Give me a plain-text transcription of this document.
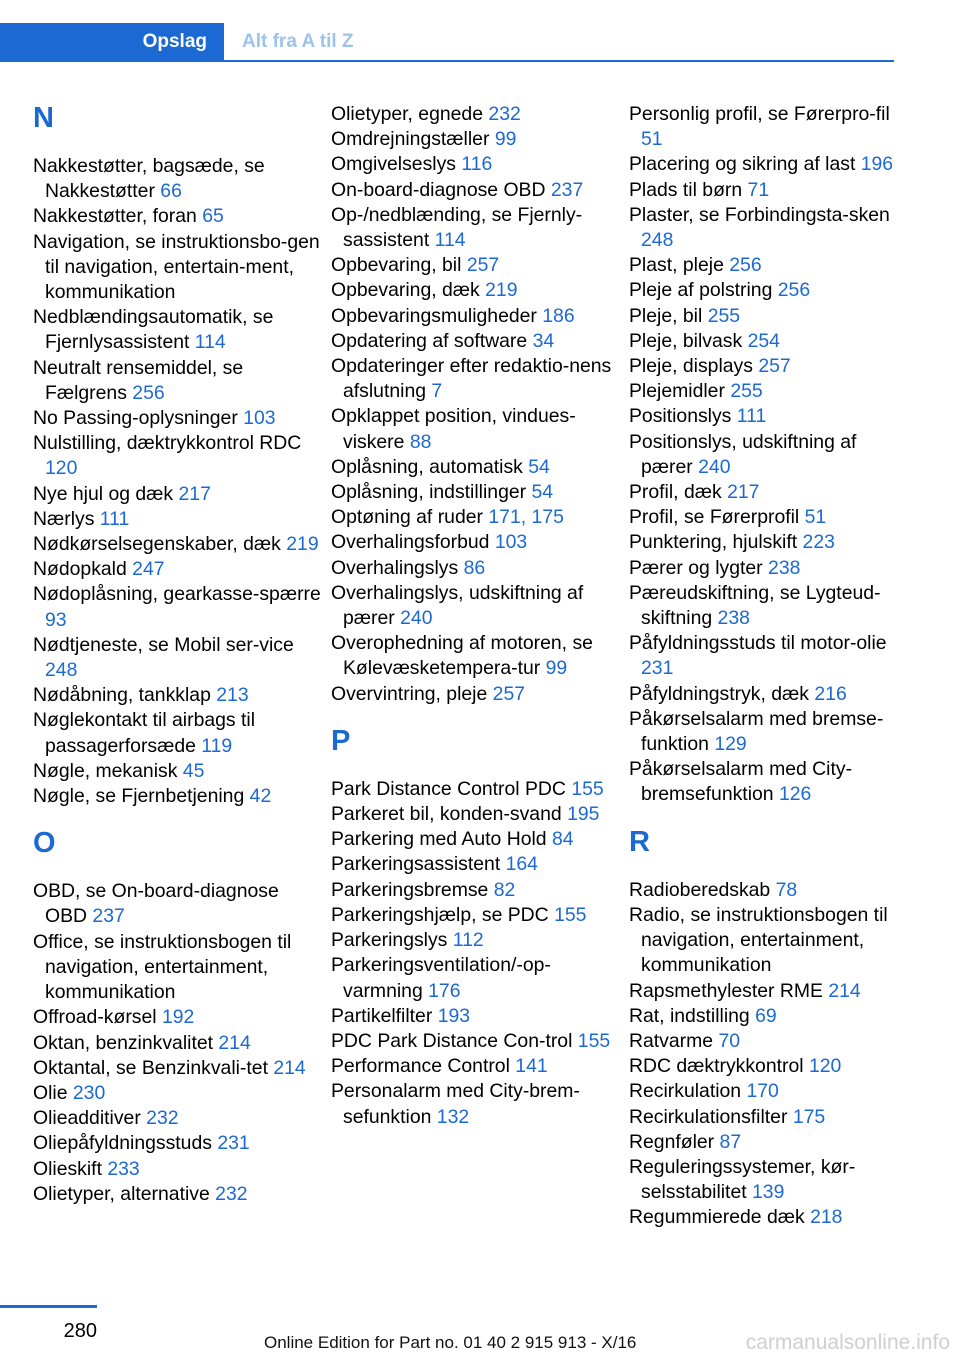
Opslag Alt fra A til Z
N
Nakkestøtter, bagsæde, se Nakkestøtter 66
Nakkestøtter, foran 65
Navigation, se instruktionsbo-gen til navigation, entertain-ment, kommunikation
Nedblændingsautomatik, se Fjernlysassistent 114
Neutralt rensemiddel, se Fælgrens 256
No Passing-oplysninger 103
Nulstilling, dæktrykkontrol RDC 120
Nye hjul og dæk 217
Nærlys 111
Nødkørselsegenskaber, dæk 219
Nødopkald 247
Nødoplåsning, gearkasse-spærre 93
Nødtjeneste, se Mobil ser-vice 248
Nødåbning, tankklap 213
Nøglekontakt til airbags til passagerforsæde 119
Nøgle, mekanisk 45
Nøgle, se Fjernbetjening 42
O
OBD, se On-board-diagnose OBD 237
Office, se instruktionsbogen til navigation, entertainment, kommunikation
Offroad-kørsel 192
Oktan, benzinkvalitet 214
Oktantal, se Benzinkvali-tet 214
Olie 230
Olieadditiver 232
Oliepåfyldningsstuds 231
Olieskift 233
Olietyper, alternative 232
Olietyper, egnede 232
Omdrejningstæller 99
Omgivelseslys 116
On-board-diagnose OBD 237
Op-/nedblænding, se Fjernly-sassistent 114
Opbevaring, bil 257
Opbevaring, dæk 219
Opbevaringsmuligheder 186
Opdatering af software 34
Opdateringer efter redaktio-nens afslutning 7
Opklappet position, vindues-viskere 88
Oplåsning, automatisk 54
Oplåsning, indstillinger 54
Optøning af ruder 171, 175
Overhalingsforbud 103
Overhalingslys 86
Overhalingslys, udskiftning af pærer 240
Overophedning af motoren, se Kølevæsketempera-tur 99
Overvintring, pleje 257
P
Park Distance Control PDC 155
Parkeret bil, konden-svand 195
Parkering med Auto Hold 84
Parkeringsassistent 164
Parkeringsbremse 82
Parkeringshjælp, se PDC 155
Parkeringslys 112
Parkeringsventilation/-op-varmning 176
Partikelfilter 193
PDC Park Distance Con-trol 155
Performance Control 141
Personalarm med City-brem-sefunktion 132
Personlig profil, se Førerpro-fil 51
Placering og sikring af last 196
Plads til børn 71
Plaster, se Forbindingsta-sken 248
Plast, pleje 256
Pleje af polstring 256
Pleje, bil 255
Pleje, bilvask 254
Pleje, displays 257
Plejemidler 255
Positionslys 111
Positionslys, udskiftning af pærer 240
Profil, dæk 217
Profil, se Førerprofil 51
Punktering, hjulskift 223
Pærer og lygter 238
Pæreudskiftning, se Lygteud-skiftning 238
Påfyldningsstuds til motor-olie 231
Påfyldningstryk, dæk 216
Påkørselsalarm med bremse-funktion 129
Påkørselsalarm med City-bremsefunktion 126
R
Radioberedskab 78
Radio, se instruktionsbogen til navigation, entertainment, kommunikation
Rapsmethylester RME 214
Rat, indstilling 69
Ratvarme 70
RDC dæktrykkontrol 120
Recirkulation 170
Recirkulationsfilter 175
Regnføler 87
Reguleringssystemer, kør-selsstabilitet 139
Regummierede dæk 218
280
Online Edition for Part no. 01 40 2 915 913 - X/16	carmanualsonline.info
